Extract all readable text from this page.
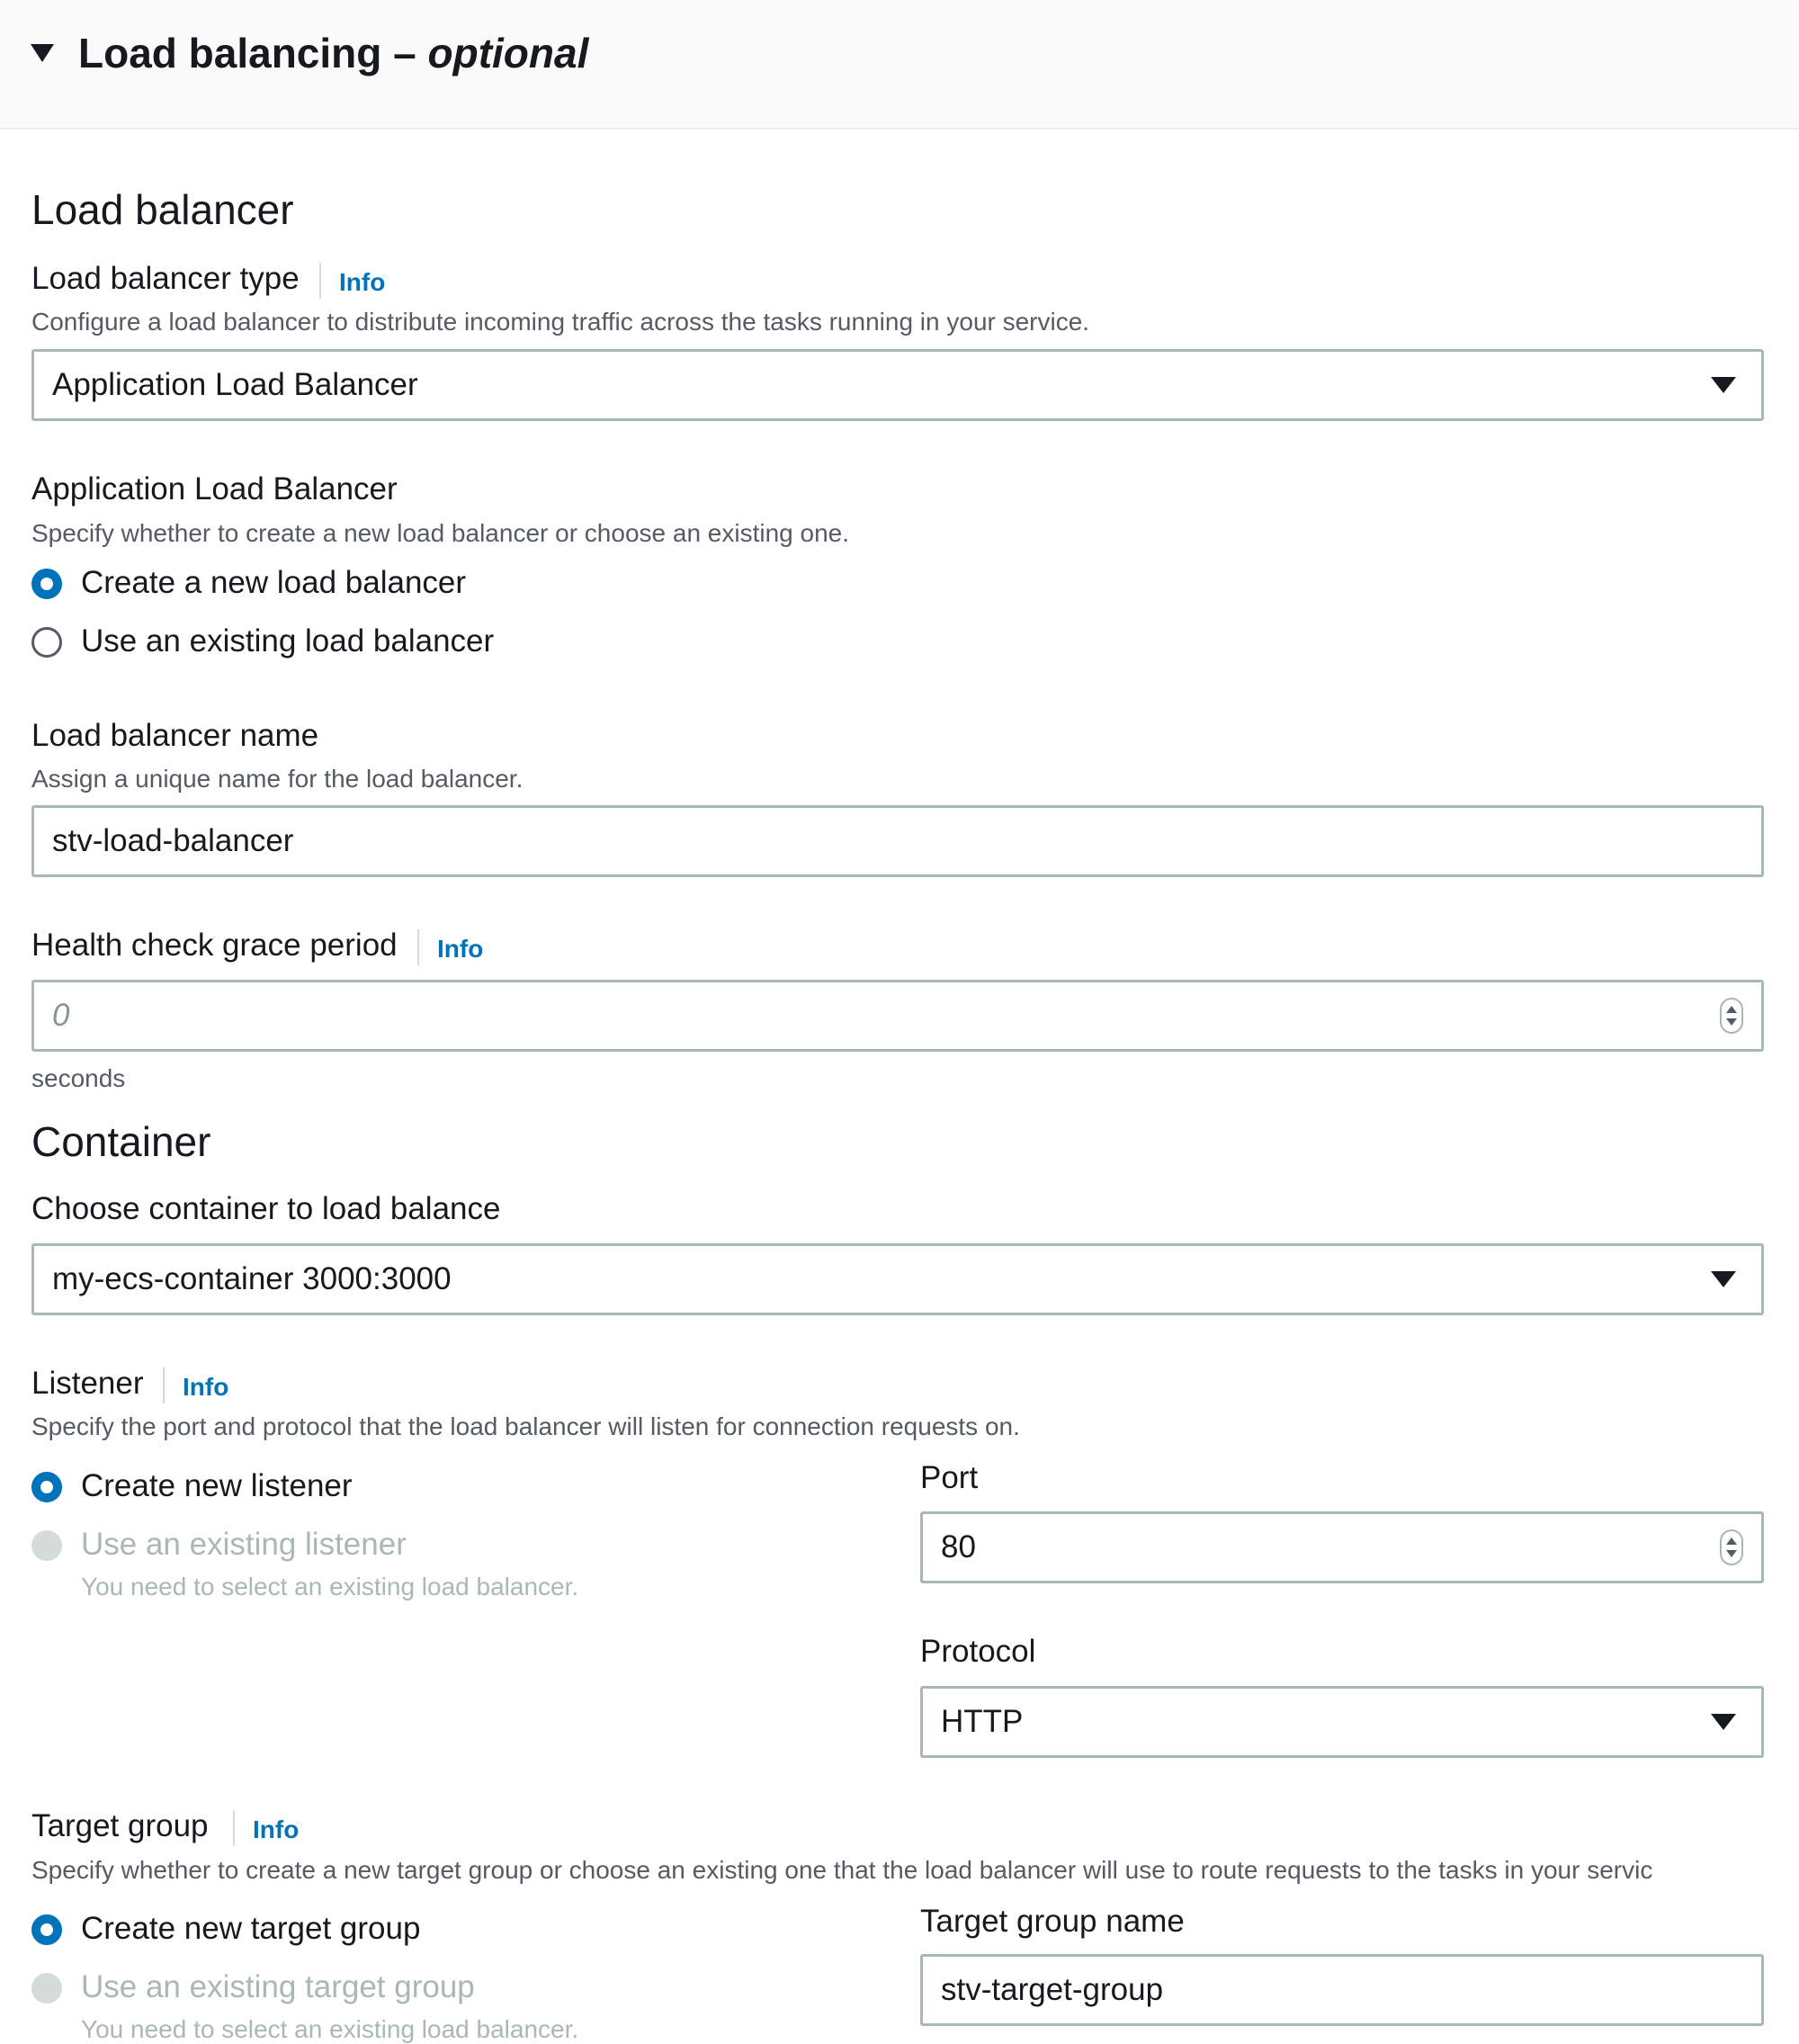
Load balancing – optional
Load balancer
Load balancer type Info
Configure a load balancer to distribute incoming traffic across the tasks running in your service.
Application Load Balancer
Application Load Balancer
Specify whether to create a new load balancer or choose an existing one.
Create a new load balancer
Use an existing load balancer
Load balancer name
Assign a unique name for the load balancer.
stv-load-balancer
Health check grace period Info
0
seconds
Container
Choose container to load balance
my-ecs-container 3000:3000
Listener Info
Specify the port and protocol that the load balancer will listen for connection requests on.
Create new listener
Use an existing listener
You need to select an existing load balancer.
Port
80
Protocol
HTTP
Target group Info
Specify whether to create a new target group or choose an existing one that the load balancer will use to route requests to the tasks in your servic
Create new target group
Use an existing target group
You need to select an existing load balancer.
Target group name
stv-target-group
